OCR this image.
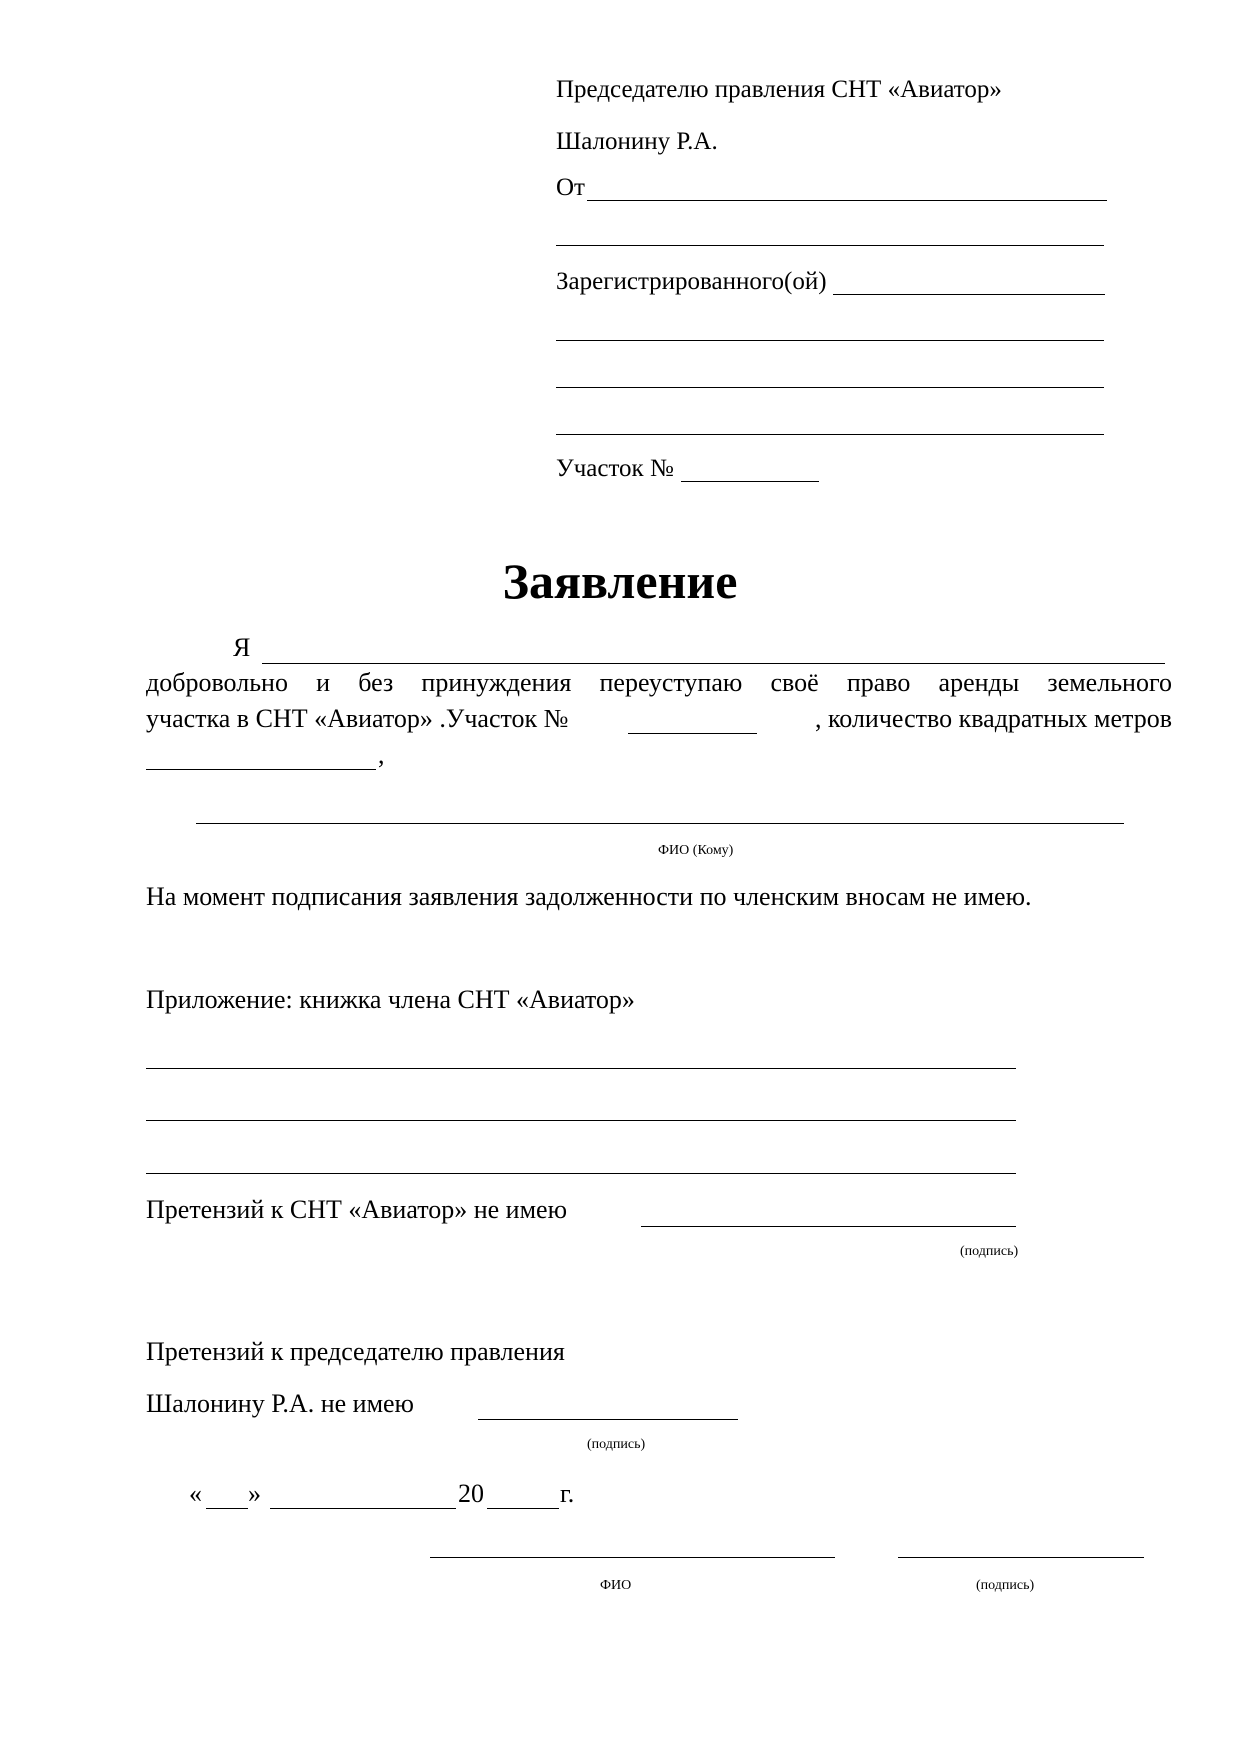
Председателю правления СНТ «Авиатор»
Шалонину Р.А.
От
Зарегистрированного(ой)
Участок №
Заявление
Я
добровольно и без принуждения переуступаю своё право аренды земельного
участка в СНТ «Авиатор» .Участок №	, количество квадратных метров
,
ФИО (Кому)
На момент подписания заявления задолженности по членским вносам не имею.
Приложение: книжка члена СНТ «Авиатор»
Претензий к СНТ «Авиатор» не имею
(подпись)
Претензий к председателю правления
Шалонину Р.А. не имею
(подпись)
« »	20	г.
ФИО	(подпись)
